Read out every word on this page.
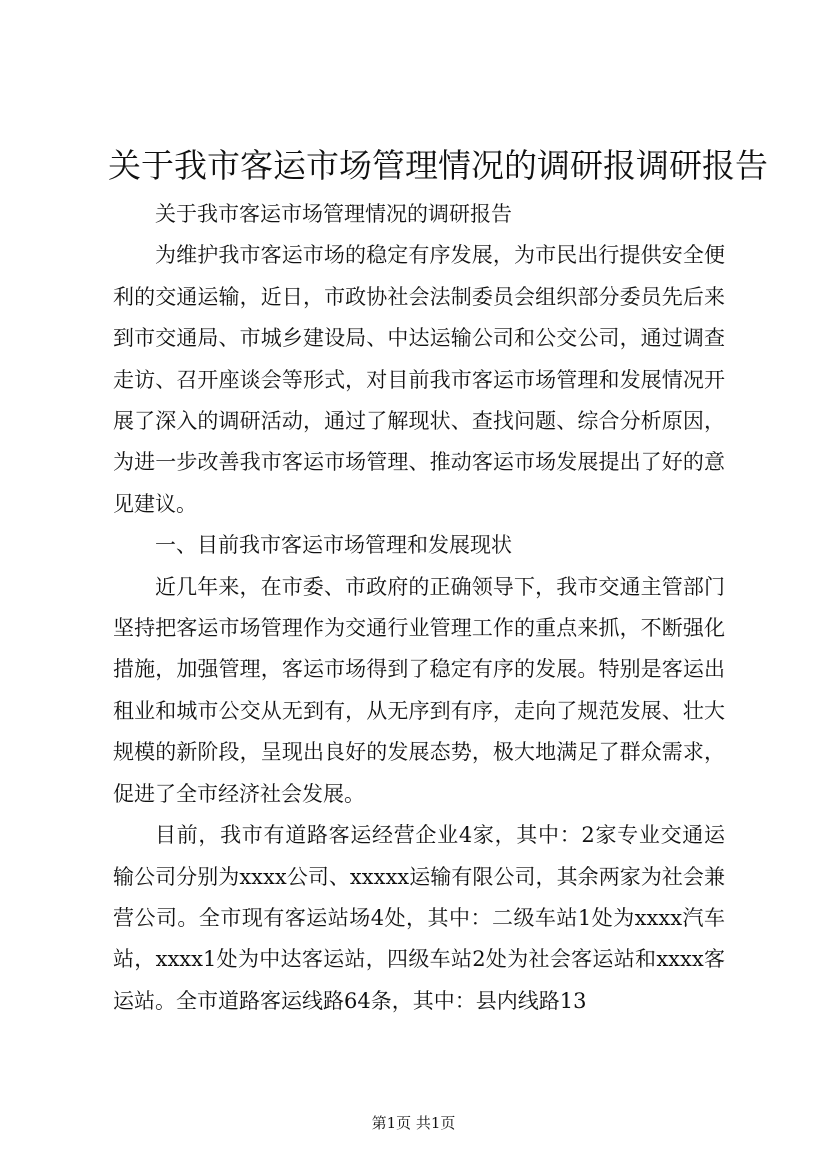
关于我市客运市场管理情况的调研报调研报告

关于我市客运市场管理情况的调研报告

为维护我市客运市场的稳定有序发展，为市民出行提供安全便利的交通运输，近日，市政协社会法制委员会组织部分委员先后来到市交通局、市城乡建设局、中达运输公司和公交公司，通过调查走访、召开座谈会等形式，对目前我市客运市场管理和发展情况开展了深入的调研活动，通过了解现状、查找问题、综合分析原因，为进一步改善我市客运市场管理、推动客运市场发展提出了好的意见建议。

一、目前我市客运市场管理和发展现状

近几年来，在市委、市政府的正确领导下，我市交通主管部门坚持把客运市场管理作为交通行业管理工作的重点来抓，不断强化措施，加强管理，客运市场得到了稳定有序的发展。特别是客运出租业和城市公交从无到有，从无序到有序，走向了规范发展、壮大规模的新阶段，呈现出良好的发展态势，极大地满足了群众需求，促进了全市经济社会发展。

目前，我市有道路客运经营企业4家，其中：2家专业交通运输公司分别为xxxx公司、xxxxx运输有限公司，其余两家为社会兼营公司。全市现有客运站场4处，其中：二级车站1处为xxxx汽车站，xxxx1处为中达客运站，四级车站2处为社会客运站和xxxx客运站。全市道路客运线路64条，其中：县内线路13

第1页 共1页
